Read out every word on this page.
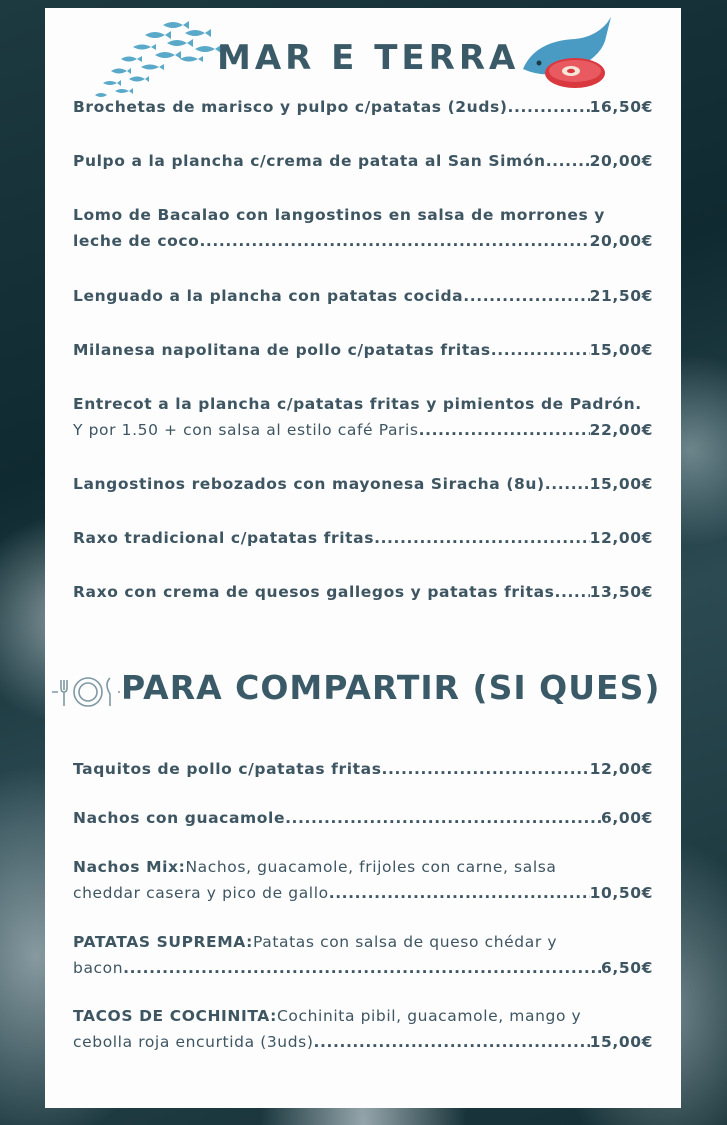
MAR E TERRA
Brochetas de marisco y pulpo c/patatas (2uds) .....	16,50€
Pulpo a la plancha c/crema de patata al San Simón .....	20,00€
Lomo de Bacalao con langostinos en salsa de morrones y
leche de coco .....	20,00€
Lenguado a la plancha con patatas cocida .....	21,50€
Milanesa napolitana de pollo c/patatas fritas .....	15,00€
Entrecot a la plancha c/patatas fritas y pimientos de Padrón.
Y por 1.50 + con salsa al estilo café Paris .....	22,00€
Langostinos rebozados con mayonesa Siracha (8u) .....	15,00€
Raxo tradicional c/patatas fritas .....	12,00€
Raxo con crema de quesos gallegos y patatas fritas ..... 13,50€
PARA COMPARTIR (SI QUES)
Taquitos de pollo c/patatas fritas .....	12,00€
Nachos con guacamole .....	6,00€
Nachos Mix: Nachos, guacamole, frijoles con carne, salsa
cheddar casera y pico de gallo .....	10,50€
PATATAS SUPREMA: Patatas con salsa de queso chédar y
bacon .....	6,50€
TACOS DE COCHINITA: Cochinita pibil, guacamole, mango y
cebolla roja encurtida (3uds) .....	15,00€
